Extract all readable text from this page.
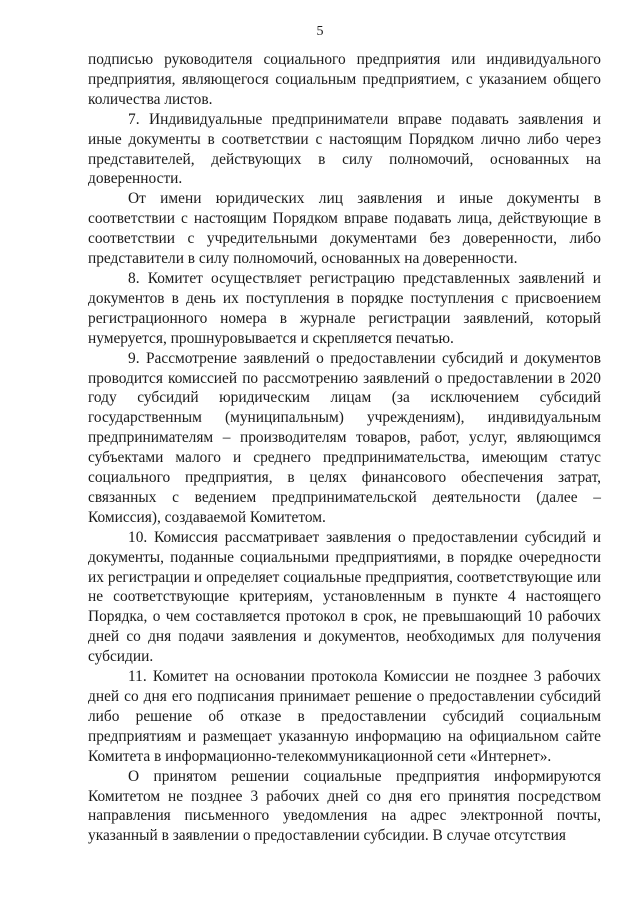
5

подписью руководителя социального предприятия или индивидуального предприятия, являющегося социальным предприятием, с указанием общего количества листов.

7. Индивидуальные предприниматели вправе подавать заявления и иные документы в соответствии с настоящим Порядком лично либо через представителей, действующих в силу полномочий, основанных на доверенности.

От имени юридических лиц заявления и иные документы в соответствии с настоящим Порядком вправе подавать лица, действующие в соответствии с учредительными документами без доверенности, либо представители в силу полномочий, основанных на доверенности.

8. Комитет осуществляет регистрацию представленных заявлений и документов в день их поступления в порядке поступления с присвоением регистрационного номера в журнале регистрации заявлений, который нумеруется, прошнуровывается и скрепляется печатью.

9. Рассмотрение заявлений о предоставлении субсидий и документов проводится комиссией по рассмотрению заявлений о предоставлении в 2020 году субсидий юридическим лицам (за исключением субсидий государственным (муниципальным) учреждениям), индивидуальным предпринимателям – производителям товаров, работ, услуг, являющимся субъектами малого и среднего предпринимательства, имеющим статус социального предприятия, в целях финансового обеспечения затрат, связанных с ведением предпринимательской деятельности (далее – Комиссия), создаваемой Комитетом.

10. Комиссия рассматривает заявления о предоставлении субсидий и документы, поданные социальными предприятиями, в порядке очередности их регистрации и определяет социальные предприятия, соответствующие или не соответствующие критериям, установленным в пункте 4 настоящего Порядка, о чем составляется протокол в срок, не превышающий 10 рабочих дней со дня подачи заявления и документов, необходимых для получения субсидии.

11. Комитет на основании протокола Комиссии не позднее 3 рабочих дней со дня его подписания принимает решение о предоставлении субсидий либо решение об отказе в предоставлении субсидий социальным предприятиям и размещает указанную информацию на официальном сайте Комитета в информационно-телекоммуникационной сети «Интернет».

О принятом решении социальные предприятия информируются Комитетом не позднее 3 рабочих дней со дня его принятия посредством направления письменного уведомления на адрес электронной почты, указанный в заявлении о предоставлении субсидии. В случае отсутствия
